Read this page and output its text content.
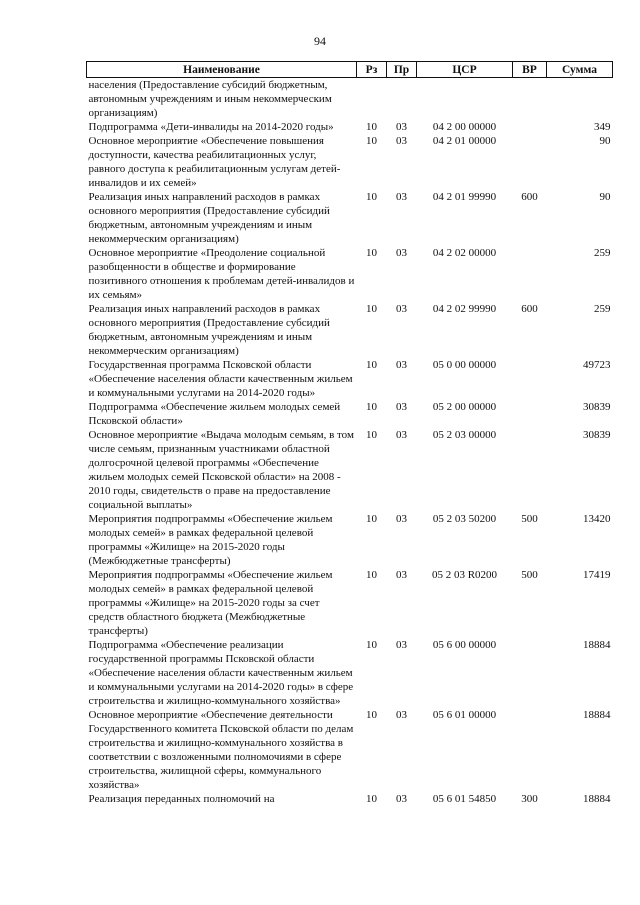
94
Наименование	Рз	Пр	ЦСР	ВР	Сумма
населения (Предоставление субсидий бюджетным, автономным учреждениям и иным некоммерческим организациям)					
Подпрограмма «Дети-инвалиды на 2014-2020 годы»	10	03	04 2 00 00000		349
Основное мероприятие «Обеспечение повышения доступности, качества реабилитационных услуг, равного доступа к реабилитационным услугам детей-инвалидов и их семей»	10	03	04 2 01 00000		90
Реализация иных направлений расходов в рамках основного мероприятия (Предоставление субсидий бюджетным, автономным учреждениям и иным некоммерческим организациям)	10	03	04 2 01 99990	600	90
Основное мероприятие «Преодоление социальной разобщенности в обществе и формирование позитивного отношения к проблемам детей-инвалидов и их семьям»	10	03	04 2 02 00000		259
Реализация иных направлений расходов в рамках основного мероприятия (Предоставление субсидий бюджетным, автономным учреждениям и иным некоммерческим организациям)	10	03	04 2 02 99990	600	259
Государственная программа Псковской области «Обеспечение населения области качественным жильем и коммунальными услугами на 2014-2020 годы»	10	03	05 0 00 00000		49723
Подпрограмма «Обеспечение жильем молодых семей Псковской области»	10	03	05 2 00 00000		30839
Основное мероприятие «Выдача молодым семьям, в том числе семьям, признанным участниками областной долгосрочной целевой программы «Обеспечение жильем молодых семей Псковской области» на 2008 - 2010 годы, свидетельств о праве на предоставление социальной выплаты»	10	03	05 2 03 00000		30839
Мероприятия подпрограммы «Обеспечение жильем молодых семей» в рамках федеральной целевой программы «Жилище» на 2015-2020 годы (Межбюджетные трансферты)	10	03	05 2 03 50200	500	13420
Мероприятия подпрограммы «Обеспечение жильем молодых семей» в рамках федеральной целевой программы «Жилище» на 2015-2020 годы за счет средств областного бюджета (Межбюджетные трансферты)	10	03	05 2 03 R0200	500	17419
Подпрограмма «Обеспечение реализации государственной программы Псковской области «Обеспечение населения области качественным жильем и коммунальными услугами на 2014-2020 годы» в сфере строительства и жилищно-коммунального хозяйства»	10	03	05 6 00 00000		18884
Основное мероприятие «Обеспечение деятельности Государственного комитета Псковской области по делам строительства и жилищно-коммунального хозяйства в соответствии с возложенными полномочиями в сфере строительства, жилищной сферы, коммунального хозяйства»	10	03	05 6 01 00000		18884
Реализация переданных полномочий на	10	03	05 6 01 54850	300	18884
